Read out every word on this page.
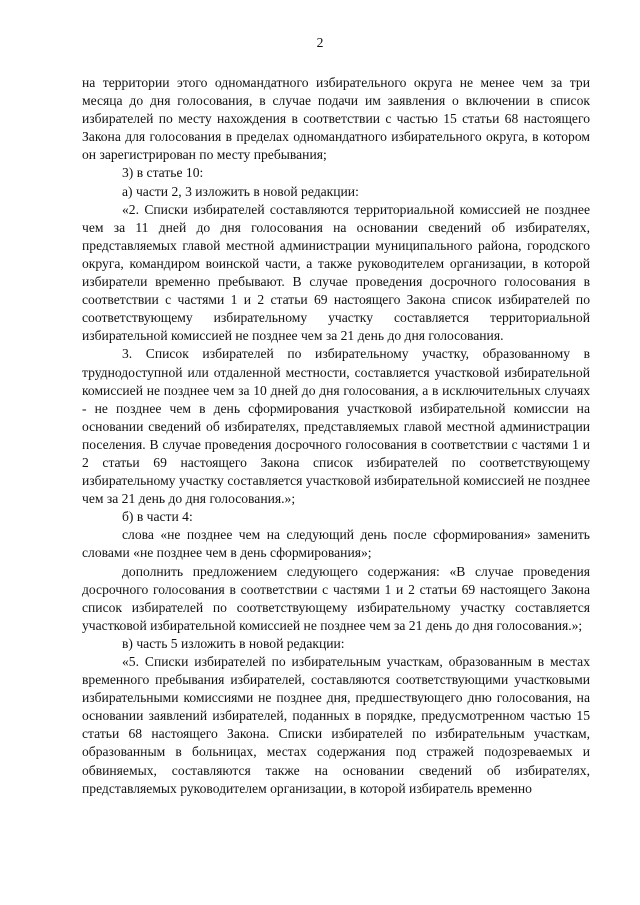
2

на территории этого одномандатного избирательного округа не менее чем за три месяца до дня голосования, в случае подачи им заявления о включении в список избирателей по месту нахождения в соответствии с частью 15 статьи 68 настоящего Закона для голосования в пределах одномандатного избирательного округа, в котором он зарегистрирован по месту пребывания;

3) в статье 10:

а) части 2, 3 изложить в новой редакции:

«2. Списки избирателей составляются территориальной комиссией не позднее чем за 11 дней до дня голосования на основании сведений об избирателях, представляемых главой местной администрации муниципального района, городского округа, командиром воинской части, а также руководителем организации, в которой избиратели временно пребывают. В случае проведения досрочного голосования в соответствии с частями 1 и 2 статьи 69 настоящего Закона список избирателей по соответствующему избирательному участку составляется территориальной избирательной комиссией не позднее чем за 21 день до дня голосования.

3. Список избирателей по избирательному участку, образованному в труднодоступной или отдаленной местности, составляется участковой избирательной комиссией не позднее чем за 10 дней до дня голосования, а в исключительных случаях - не позднее чем в день сформирования участковой избирательной комиссии на основании сведений об избирателях, представляемых главой местной администрации поселения. В случае проведения досрочного голосования в соответствии с частями 1 и 2 статьи 69 настоящего Закона список избирателей по соответствующему избирательному участку составляется участковой избирательной комиссией не позднее чем за 21 день до дня голосования.»;

б) в части 4:

слова «не позднее чем на следующий день после сформирования» заменить словами «не позднее чем в день сформирования»;

дополнить предложением следующего содержания: «В случае проведения досрочного голосования в соответствии с частями 1 и 2 статьи 69 настоящего Закона список избирателей по соответствующему избирательному участку составляется участковой избирательной комиссией не позднее чем за 21 день до дня голосования.»;

в) часть 5 изложить в новой редакции:

«5. Списки избирателей по избирательным участкам, образованным в местах временного пребывания избирателей, составляются соответствующими участковыми избирательными комиссиями не позднее дня, предшествующего дню голосования, на основании заявлений избирателей, поданных в порядке, предусмотренном частью 15 статьи 68 настоящего Закона. Списки избирателей по избирательным участкам, образованным в больницах, местах содержания под стражей подозреваемых и обвиняемых, составляются также на основании сведений об избирателях, представляемых руководителем организации, в которой избиратель временно
